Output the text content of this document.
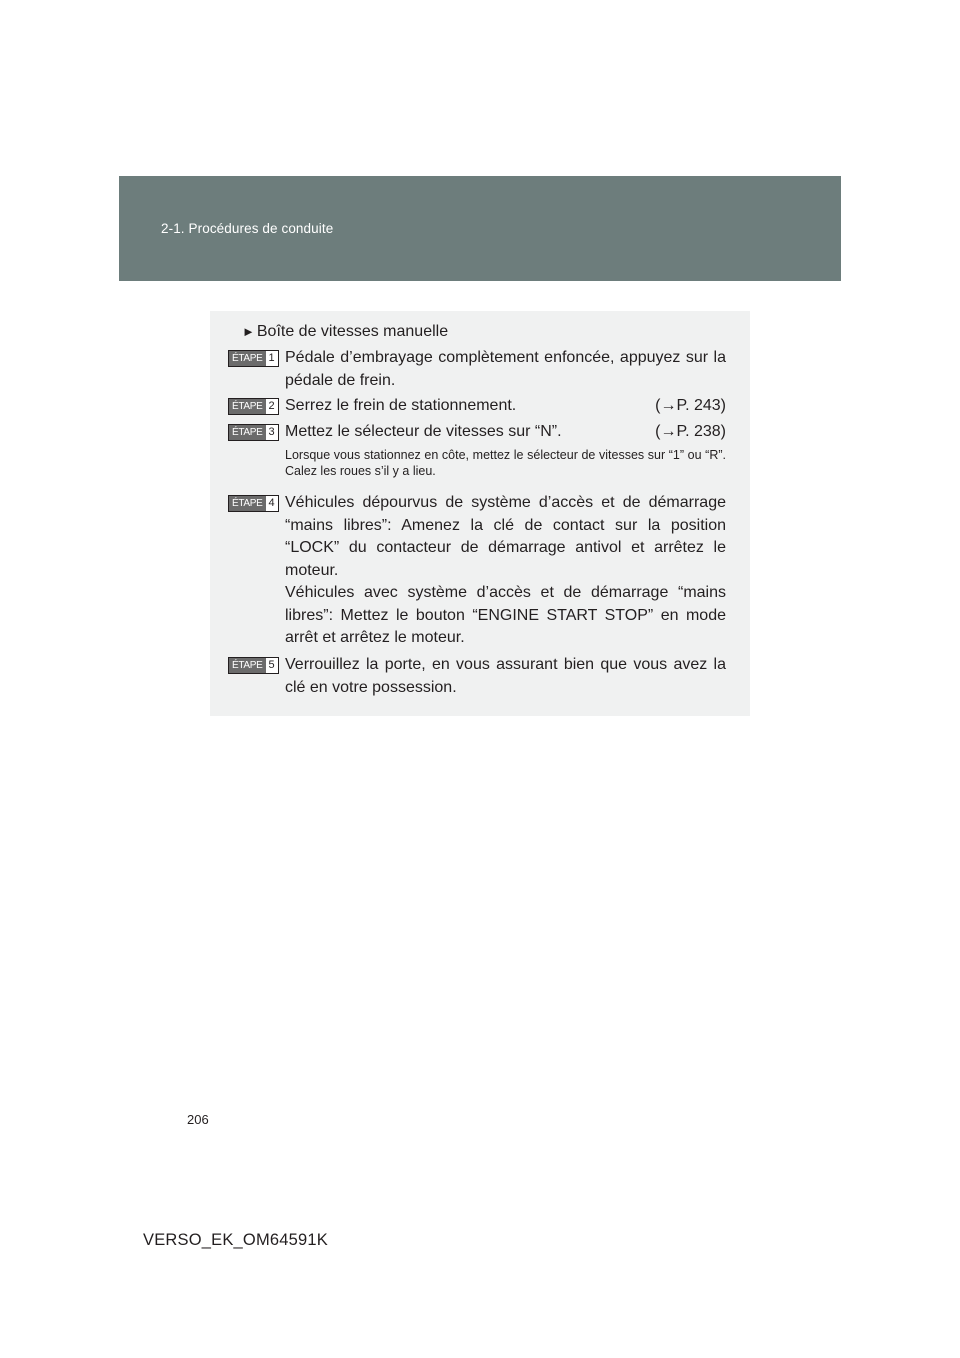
2-1. Procédures de conduite
► Boîte de vitesses manuelle
ÉTAPE 1 Pédale d’embrayage complètement enfoncée, appuyez sur la pédale de frein.
ÉTAPE 2 Serrez le frein de stationnement.	(→P. 243)
ÉTAPE 3 Mettez le sélecteur de vitesses sur “N”.	(→P. 238)
Lorsque vous stationnez en côte, mettez le sélecteur de vitesses sur “1” ou “R”. Calez les roues s’il y a lieu.
ÉTAPE 4 Véhicules dépourvus de système d’accès et de démarrage “mains libres”: Amenez la clé de contact sur la position “LOCK” du contacteur de démarrage antivol et arrêtez le moteur.
Véhicules avec système d’accès et de démarrage “mains libres”: Mettez le bouton “ENGINE START STOP” en mode arrêt et arrêtez le moteur.
ÉTAPE 5 Verrouillez la porte, en vous assurant bien que vous avez la clé en votre possession.
206
VERSO_EK_OM64591K
